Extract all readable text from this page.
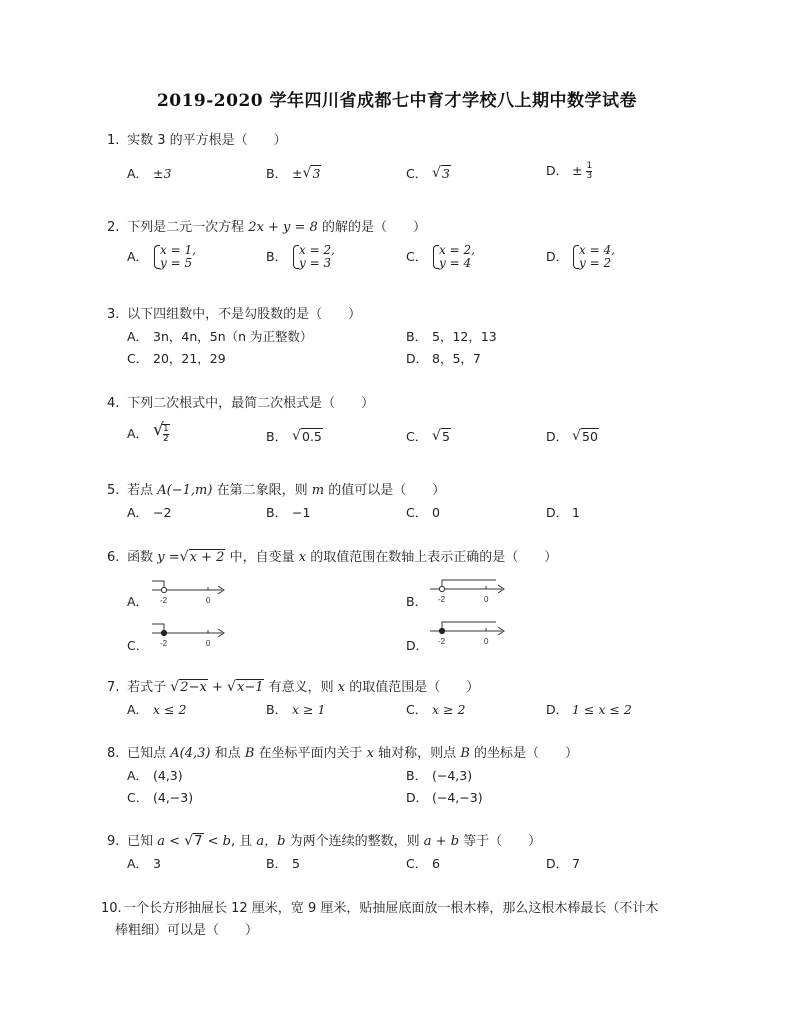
2019-2020 学年四川省成都七中育才学校八上期中数学试卷
1. 实数 3 的平方根是（　　）
A． ±3	B． ± √ 3	C． √ 3	D． ± $\frac{1}{3}$
2. 下列是二元一次方程 2x + y = 8 的解的是（　　）
A． x = 1,
y = 5	B． x = 2,
y = 3	C． x = 2,
y = 4	D． x = 4,
y = 2
3. 以下四组数中，不是勾股数的是（　　）
A． 3n，4n，5n（n 为正整数）	B． 5，12，13
C． 20，21，29	D． 8，5，7
4. 下列二次根式中，最简二次根式是（　　）
A． √
$\frac{1}{2}$	B． √ 0.5	C． √ 5	D． √ 50
5. 若点 A(−1,m) 在第二象限，则 m 的值可以是（　　）
A． −2	B． −1	C． 0	D． 1
6. 函数 y = √ x + 2 中，自变量 x 的取值范围在数轴上表示正确的是（　　）
A．	-2	0	B．	-2	0
C．	-2	0	D．	-2	0
7. 若式子 √ 2−x + √ x−1 有意义，则 x 的取值范围是（　　）
A． x ≤ 2	B． x ≥ 1	C． x ≥ 2	D． 1 ≤ x ≤ 2
8. 已知点 A(4,3) 和点 B 在坐标平面内关于 x 轴对称，则点 B 的坐标是（　　）
A． (4,3)	B． (−4,3)
C． (4,−3)	D． (−4,−3)
9. 已知 a < √ 7 < b, 且 a，b 为两个连续的整数，则 a + b 等于（　　）
A． 3	B． 5	C． 6	D． 7
10.一个长方形抽屉长 12 厘米，宽 9 厘米，贴抽屉底面放一根木棒，那么这根木棒最长（不计木
棒粗细）可以是（　　）
